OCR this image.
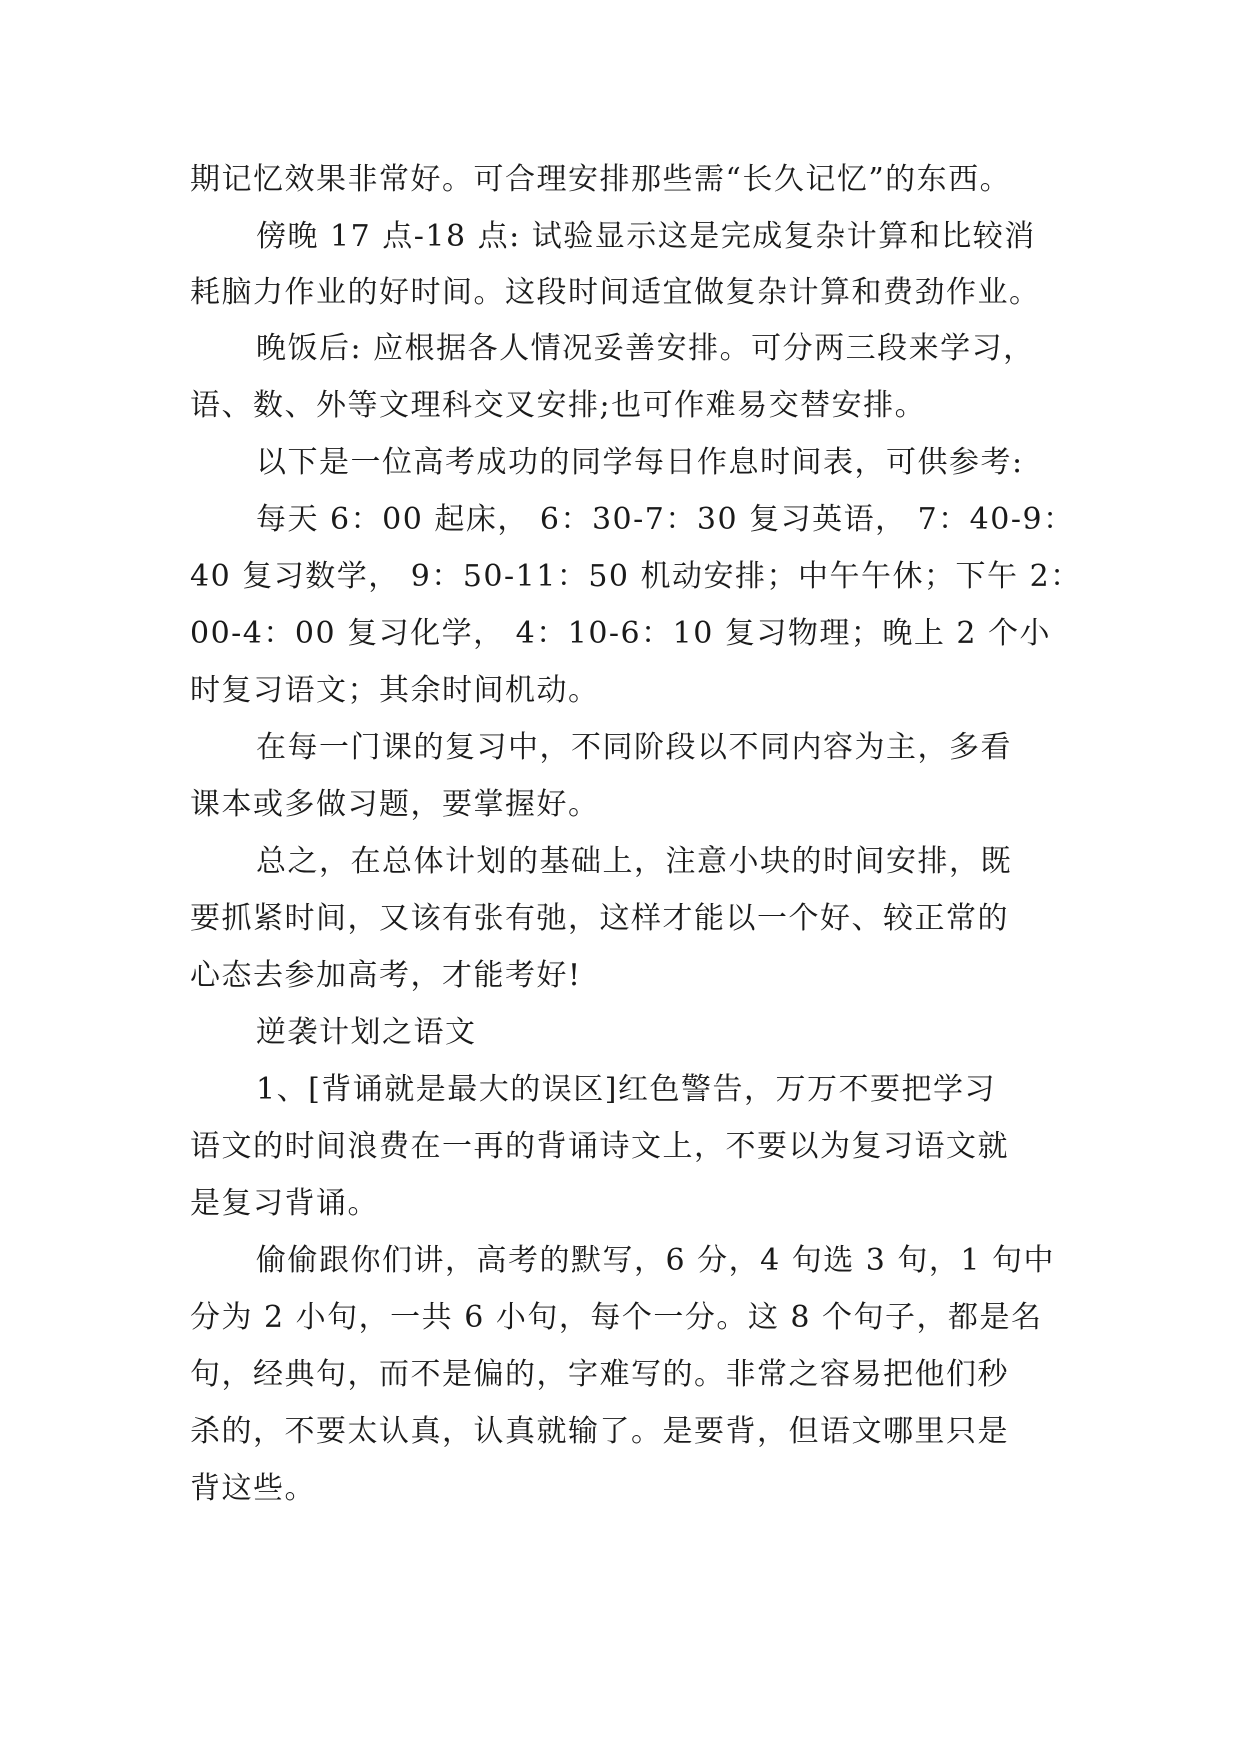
期记忆效果非常好。可合理安排那些需“长久记忆”的东西。
傍晚 17 点-18 点: 试验显示这是完成复杂计算和比较消
耗脑力作业的好时间。这段时间适宜做复杂计算和费劲作业。
晚饭后: 应根据各人情况妥善安排。可分两三段来学习，
语、数、外等文理科交叉安排;也可作难易交替安排。
以下是一位高考成功的同学每日作息时间表，可供参考:
每天 6：00 起床， 6：30-7：30 复习英语， 7：40-9：
40 复习数学， 9：50-11：50 机动安排；中午午休；下午 2：
00-4：00 复习化学， 4：10-6：10 复习物理；晚上 2 个小
时复习语文；其余时间机动。
在每一门课的复习中，不同阶段以不同内容为主，多看
课本或多做习题，要掌握好。
总之，在总体计划的基础上，注意小块的时间安排，既
要抓紧时间，又该有张有弛，这样才能以一个好、较正常的
心态去参加高考，才能考好!
逆袭计划之语文
1、[背诵就是最大的误区]红色警告，万万不要把学习
语文的时间浪费在一再的背诵诗文上，不要以为复习语文就
是复习背诵。
偷偷跟你们讲，高考的默写，6 分，4 句选 3 句，1 句中
分为 2 小句，一共 6 小句，每个一分。这 8 个句子，都是名
句，经典句，而不是偏的，字难写的。非常之容易把他们秒
杀的，不要太认真，认真就输了。是要背，但语文哪里只是
背这些。
